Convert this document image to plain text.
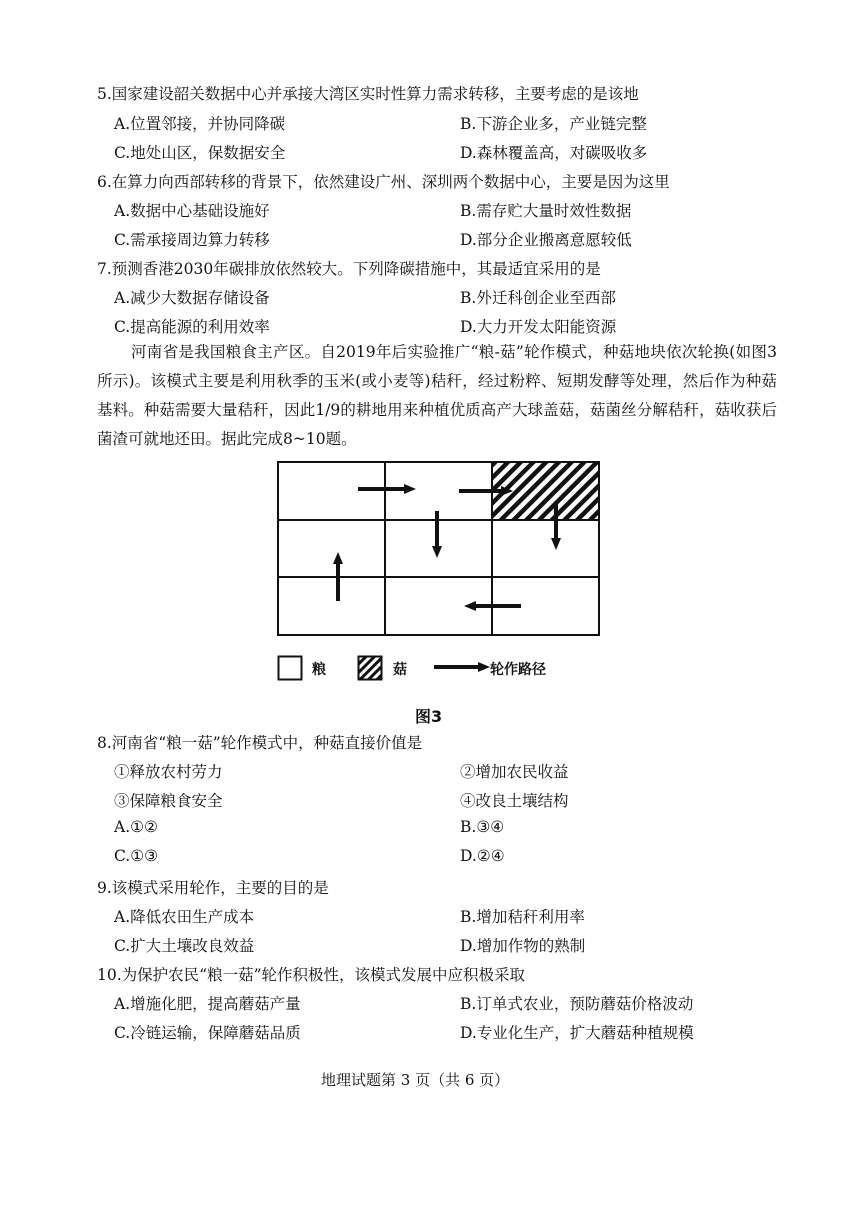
5.国家建设韶关数据中心并承接大湾区实时性算力需求转移，主要考虑的是该地
A.位置邻接，并协同降碳	B.下游企业多，产业链完整
C.地处山区，保数据安全	D.森林覆盖高，对碳吸收多
6.在算力向西部转移的背景下，依然建设广州、深圳两个数据中心，主要是因为这里
A.数据中心基础设施好	B.需存贮大量时效性数据
C.需承接周边算力转移	D.部分企业搬离意愿较低
7.预测香港2030年碳排放依然较大。下列降碳措施中，其最适宜采用的是
A.减少大数据存储设备	B.外迁科创企业至西部
C.提高能源的利用效率	D.大力开发太阳能资源
河南省是我国粮食主产区。自2019年后实验推广“粮-菇”轮作模式，种菇地块依次轮换(如图3所示)。该模式主要是利用秋季的玉米(或小麦等)秸秆，经过粉粹、短期发酵等处理，然后作为种菇基料。种菇需要大量秸秆，因此1/9的耕地用来种植优质高产大球盖菇，菇菌丝分解秸秆，菇收获后菌渣可就地还田。据此完成8~10题。
粮	菇	轮作路径
图3
8.河南省“粮一菇”轮作模式中，种菇直接价值是
①释放农村劳力	②增加农民收益
③保障粮食安全	④改良土壤结构
A.①②	B.③④
C.①③	D.②④
9.该模式采用轮作，主要的目的是
A.降低农田生产成本	B.增加秸秆利用率
C.扩大土壤改良效益	D.增加作物的熟制
10.为保护农民“粮一菇”轮作积极性，该模式发展中应积极采取
A.增施化肥，提高蘑菇产量	B.订单式农业，预防蘑菇价格波动
C.冷链运输，保障蘑菇品质	D.专业化生产，扩大蘑菇种植规模
地理试题第 3 页（共 6 页）
